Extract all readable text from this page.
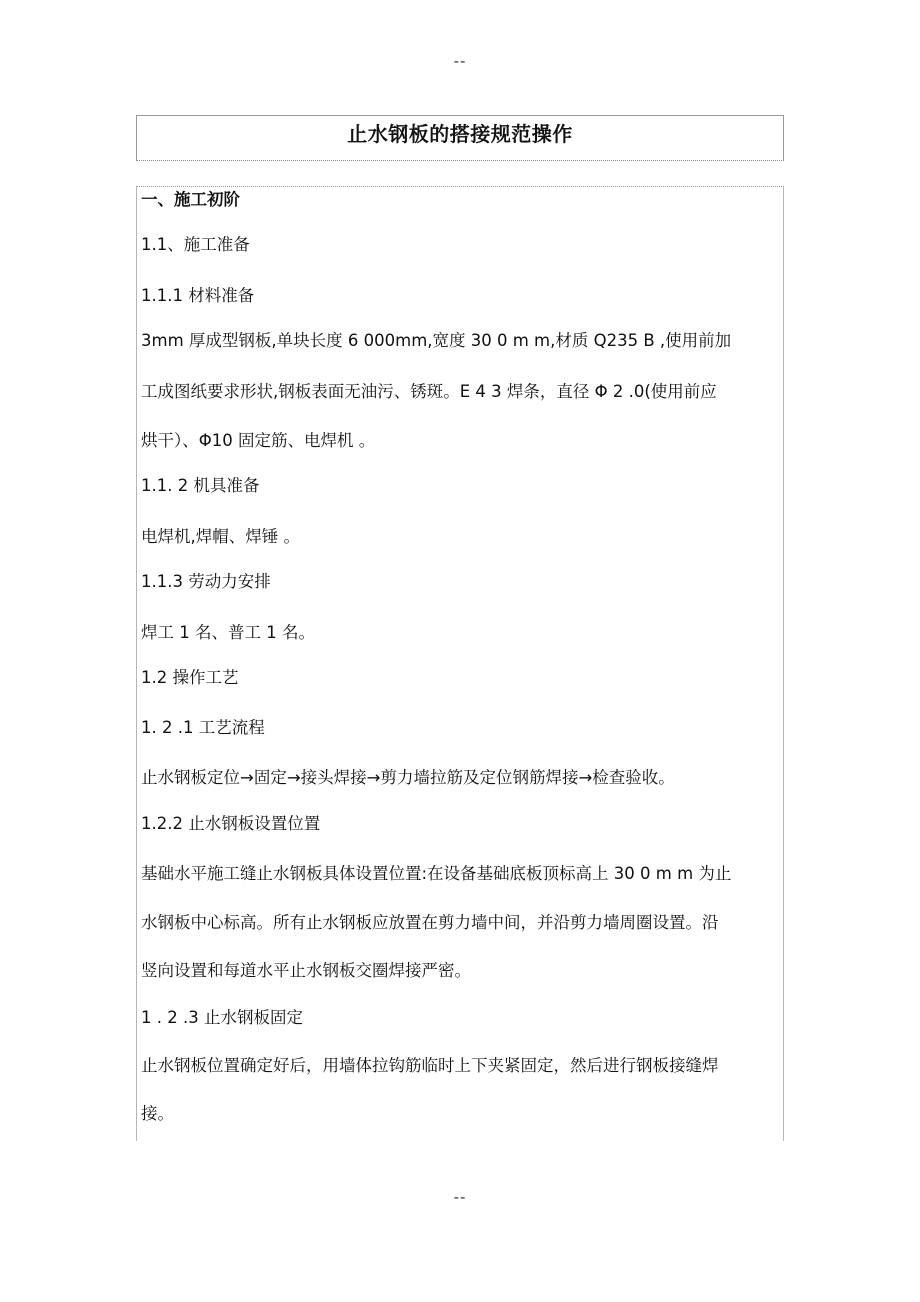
--
止水钢板的搭接规范操作
一、施工初阶
1.1、施工准备
1.1.1 材料准备
3mm 厚成型钢板,单块长度 6 000mm,宽度 30 0 m m,材质 Q235 B ,使用前加
工成图纸要求形状,钢板表面无油污、锈斑。E 4 3 焊条，直径 Φ 2 .0(使用前应
烘干）、Φ10 固定筋、电焊机 。
1.1. 2 机具准备
电焊机,焊帽、焊锤 。
1.1.3 劳动力安排
焊工 1 名、普工 1 名。
1.2 操作工艺
1. 2 .1 工艺流程
止水钢板定位→固定→接头焊接→剪力墙拉筋及定位钢筋焊接→检查验收。
1.2.2 止水钢板设置位置
基础水平施工缝止水钢板具体设置位置:在设备基础底板顶标高上 30 0 m m 为止
水钢板中心标高。所有止水钢板应放置在剪力墙中间，并沿剪力墙周圈设置。沿
竖向设置和每道水平止水钢板交圈焊接严密。
1 . 2 .3 止水钢板固定
止水钢板位置确定好后，用墙体拉钩筋临时上下夹紧固定，然后进行钢板接缝焊
接。
--
